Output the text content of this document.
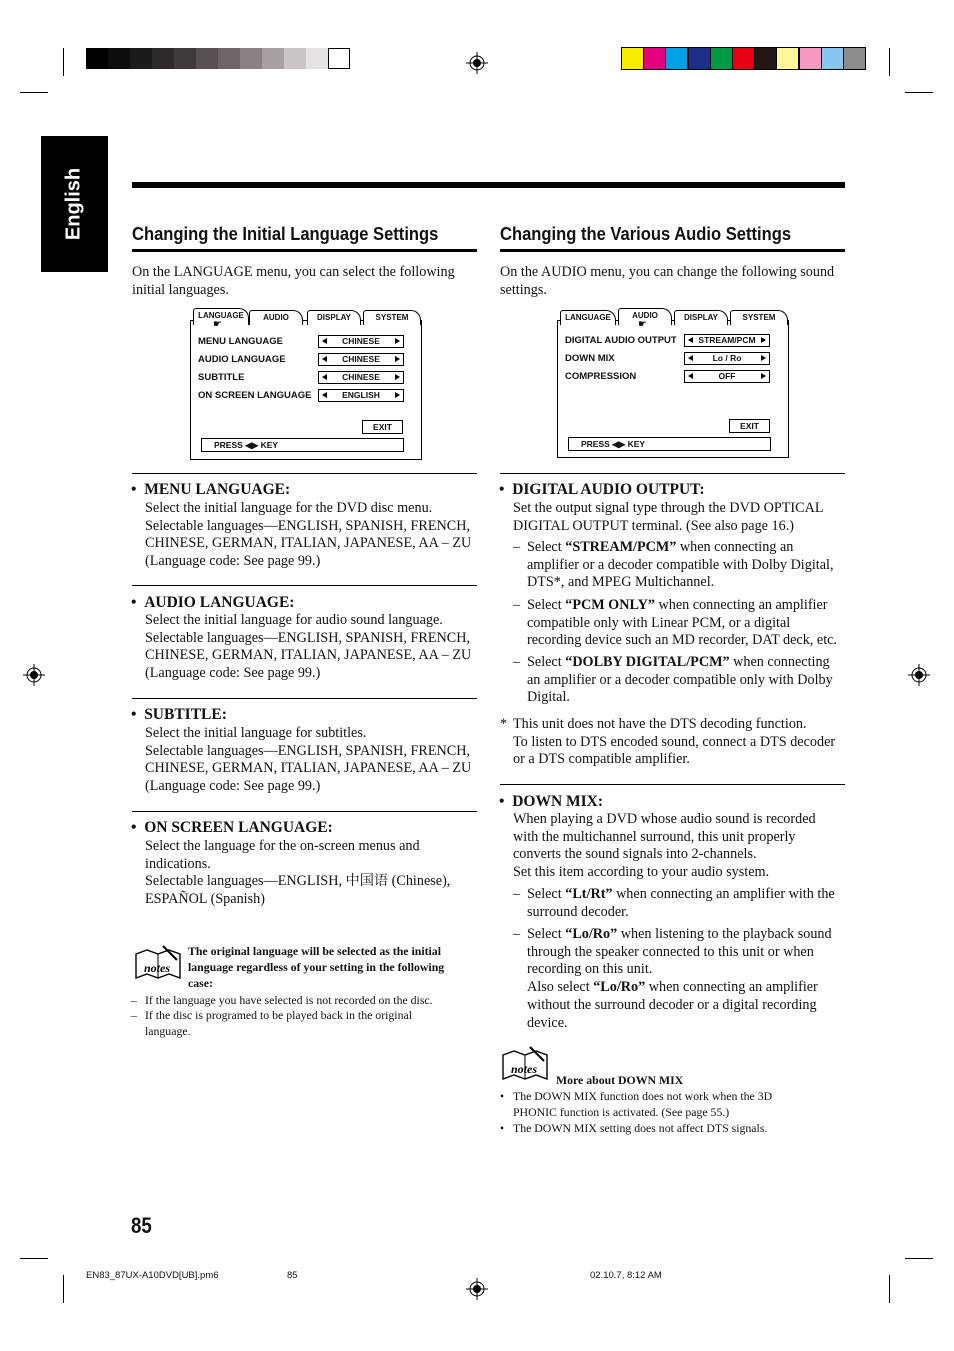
English	Changing the Initial Language Settings
On the LANGUAGE menu, you can select the following initial languages.
LANGUAGE	AUDIO	DISPLAY	SYSTEM
☛
MENU LANGUAGE	CHINESE
AUDIO LANGUAGE	CHINESE
SUBTITLE	CHINESE
ON SCREEN LANGUAGE	ENGLISH
EXIT
PRESS ◀▶ KEY
•  MENU LANGUAGE:
Select the initial language for the DVD disc menu.
Selectable languages—ENGLISH, SPANISH, FRENCH,
CHINESE, GERMAN, ITALIAN, JAPANESE, AA – ZU
(Language code: See page 99.)
•  AUDIO LANGUAGE:
Select the initial language for audio sound language.
Selectable languages—ENGLISH, SPANISH, FRENCH,
CHINESE, GERMAN, ITALIAN, JAPANESE, AA – ZU
(Language code: See page 99.)
•  SUBTITLE:
Select the initial language for subtitles.
Selectable languages—ENGLISH, SPANISH, FRENCH,
CHINESE, GERMAN, ITALIAN, JAPANESE, AA – ZU
(Language code: See page 99.)
•  ON SCREEN LANGUAGE:
Select the language for the on-screen menus and
indications.
Selectable languages—ENGLISH, 中国语 (Chinese),
ESPAÑOL (Spanish)
notes
The original language will be selected as the initial
language regardless of your setting in the following
case:
– If the language you have selected is not recorded on the disc.
– If the disc is programed to be played back in the original
language.
Changing the Various Audio Settings
On the AUDIO menu, you can change the following sound
settings.
LANGUAGE	AUDIO	DISPLAY	SYSTEM
☛
DIGITAL AUDIO OUTPUT	STREAM/PCM
DOWN MIX	Lo / Ro
COMPRESSION	OFF
EXIT
PRESS ◀▶ KEY
•  DIGITAL AUDIO OUTPUT:
Set the output signal type through the DVD OPTICAL
DIGITAL OUTPUT terminal. (See also page 16.)
– Select “STREAM/PCM” when connecting an
amplifier or a decoder compatible with Dolby Digital,
DTS*, and MPEG Multichannel.
– Select “PCM ONLY” when connecting an amplifier
compatible only with Linear PCM, or a digital
recording device such an MD recorder, DAT deck, etc.
– Select “DOLBY DIGITAL/PCM” when connecting
an amplifier or a decoder compatible only with Dolby
Digital.
* This unit does not have the DTS decoding function.
To listen to DTS encoded sound, connect a DTS decoder
or a DTS compatible amplifier.
•  DOWN MIX:
When playing a DVD whose audio sound is recorded
with the multichannel surround, this unit properly
converts the sound signals into 2-channels.
Set this item according to your audio system.
– Select “Lt/Rt” when connecting an amplifier with the
surround decoder.
– Select “Lo/Ro” when listening to the playback sound
through the speaker connected to this unit or when
recording on this unit.
Also select “Lo/Ro” when connecting an amplifier
without the surround decoder or a digital recording
device.
notes
More about DOWN MIX
• The DOWN MIX function does not work when the 3D
PHONIC function is activated. (See page 55.)
• The DOWN MIX setting does not affect DTS signals.
85
EN83_87UX-A10DVD[UB].pm6	85	02.10.7, 8:12 AM
